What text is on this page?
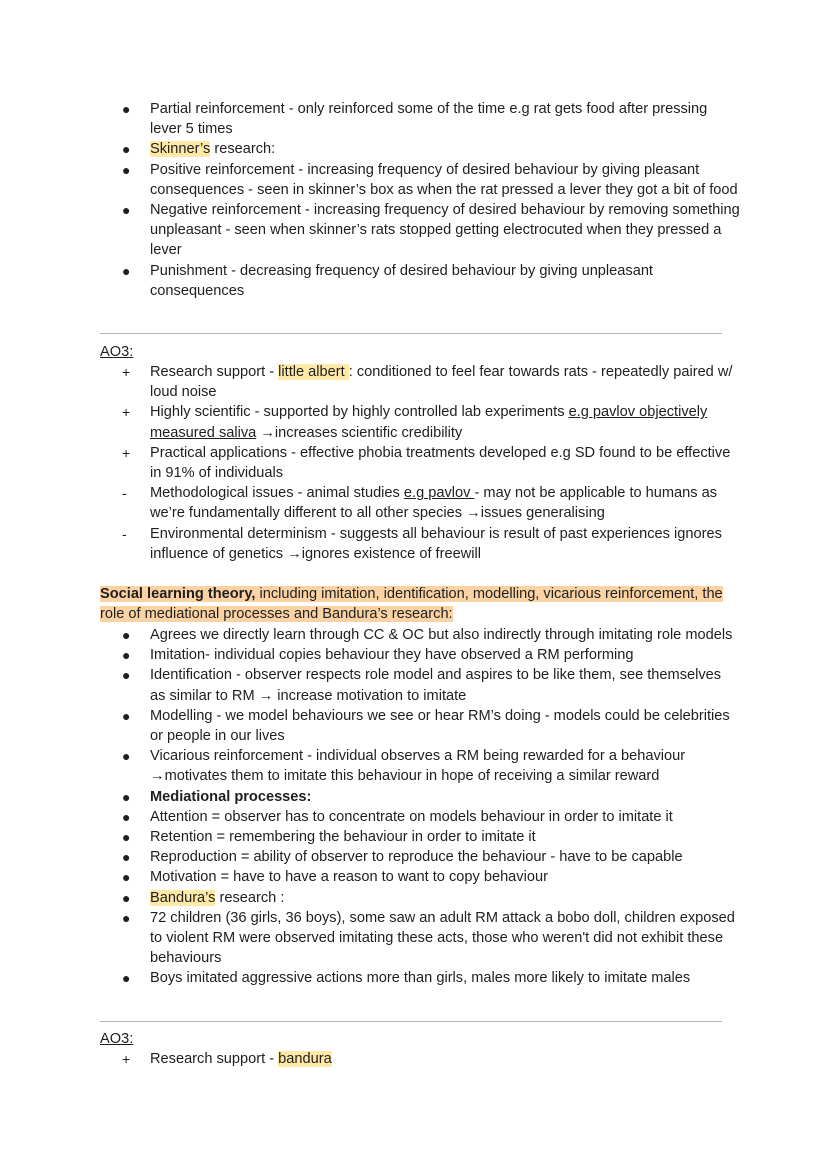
● Partial reinforcement - only reinforced some of the time e.g rat gets food after pressing lever 5 times
● Skinner’s research:
● Positive reinforcement - increasing frequency of desired behaviour by giving pleasant consequences - seen in skinner’s box as when the rat pressed a lever they got a bit of food
● Negative reinforcement - increasing frequency of desired behaviour by removing something unpleasant - seen when skinner’s rats stopped getting electrocuted when they pressed a lever
● Punishment - decreasing frequency of desired behaviour by giving unpleasant consequences
AO3:
+ Research support - little albert : conditioned to feel fear towards rats - repeatedly paired w/ loud noise
+ Highly scientific - supported by highly controlled lab experiments e.g pavlov objectively measured saliva →increases scientific credibility
+ Practical applications - effective phobia treatments developed e.g SD found to be effective in 91% of individuals
- Methodological issues - animal studies e.g pavlov - may not be applicable to humans as we’re fundamentally different to all other species →issues generalising
- Environmental determinism - suggests all behaviour is result of past experiences ignores influence of genetics →ignores existence of freewill
Social learning theory, including imitation, identification, modelling, vicarious reinforcement, the role of mediational processes and Bandura’s research:
● Agrees we directly learn through CC & OC but also indirectly through imitating role models
● Imitation- individual copies behaviour they have observed a RM performing
● Identification - observer respects role model and aspires to be like them, see themselves as similar to RM → increase motivation to imitate
● Modelling - we model behaviours we see or hear RM’s doing - models could be celebrities or people in our lives
● Vicarious reinforcement - individual observes a RM being rewarded for a behaviour →motivates them to imitate this behaviour in hope of receiving a similar reward
● Mediational processes:
● Attention = observer has to concentrate on models behaviour in order to imitate it
● Retention = remembering the behaviour in order to imitate it
● Reproduction = ability of observer to reproduce the behaviour - have to be capable
● Motivation = have to have a reason to want to copy behaviour
● Bandura’s research :
● 72 children (36 girls, 36 boys), some saw an adult RM attack a bobo doll, children exposed to violent RM were observed imitating these acts, those who weren't did not exhibit these behaviours
● Boys imitated aggressive actions more than girls, males more likely to imitate males
AO3:
+ Research support - bandura
